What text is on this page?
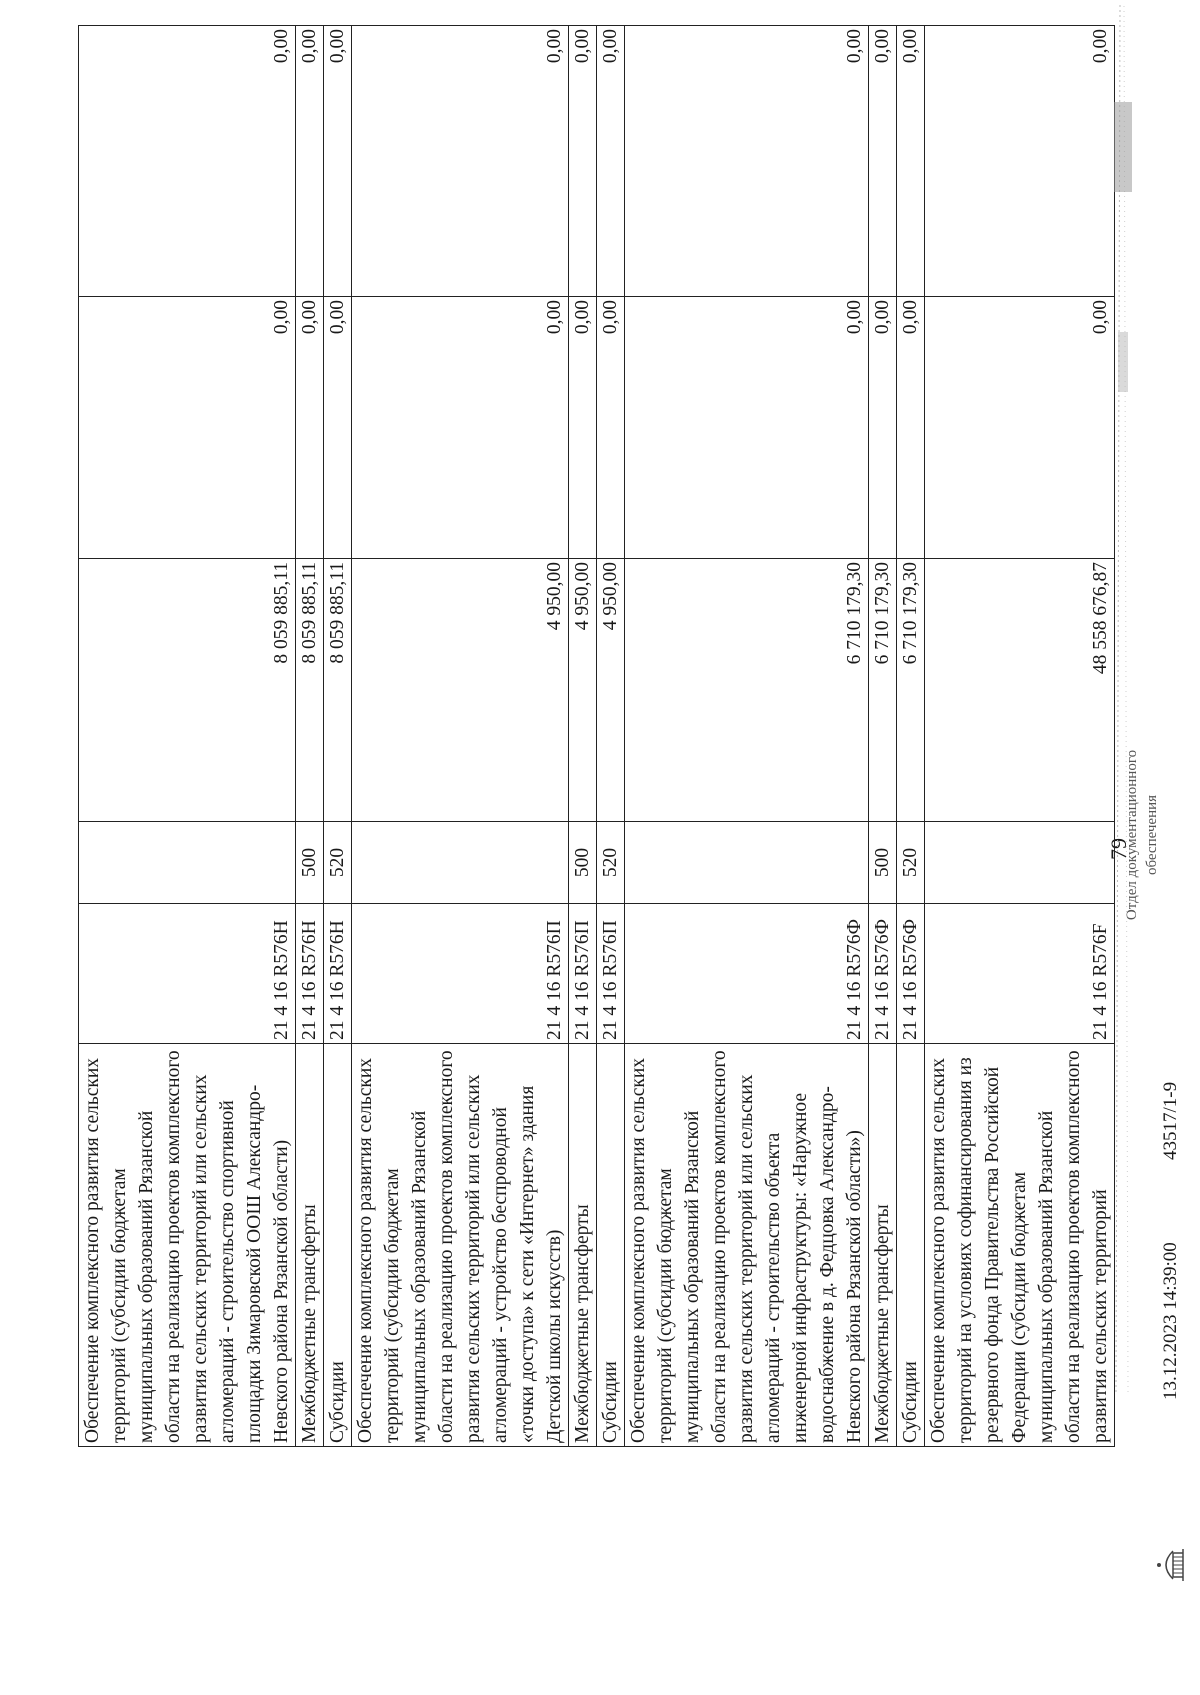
79
Обеспечение комплексного развития сельских территорий (субсидии бюджетам муниципальных образований Рязанской области на реализацию проектов комплексного развития сельских территорий или сельских агломераций - строительство спортивной площадки Зимаровской ООШ Александро-Невского района Рязанской области)	21 4 16 R576Н		8 059 885,11	0,00	0,00
Межбюджетные трансферты	21 4 16 R576Н	500	8 059 885,11	0,00	0,00
Субсидии	21 4 16 R576Н	520	8 059 885,11	0,00	0,00
Обеспечение комплексного развития сельских территорий (субсидии бюджетам муниципальных образований Рязанской области на реализацию проектов комплексного развития сельских территорий или сельских агломераций - устройство беспроводной «точки доступа» к сети «Интернет» здания Детской школы искусств)	21 4 16 R576П		4 950,00	0,00	0,00
Межбюджетные трансферты	21 4 16 R576П	500	4 950,00	0,00	0,00
Субсидии	21 4 16 R576П	520	4 950,00	0,00	0,00
Обеспечение комплексного развития сельских территорий (субсидии бюджетам муниципальных образований Рязанской области на реализацию проектов комплексного развития сельских территорий или сельских агломераций - строительство объекта инженерной инфраструктуры: «Наружное водоснабжение в д. Федцовка Александро-Невского района Рязанской области»)	21 4 16 R576Ф		6 710 179,30	0,00	0,00
Межбюджетные трансферты	21 4 16 R576Ф	500	6 710 179,30	0,00	0,00
Субсидии	21 4 16 R576Ф	520	6 710 179,30	0,00	0,00
Обеспечение комплексного развития сельских территорий на условиях софинансирования из резервного фонда Правительства Российской Федерации (субсидии бюджетам муниципальных образований Рязанской области на реализацию проектов комплексного развития сельских территорий	21 4 16 R576F		48 558 676,87	0,00	0,00
13.12.2023 14:39:00
43517/1-9
Отдел документационного обеспечения
